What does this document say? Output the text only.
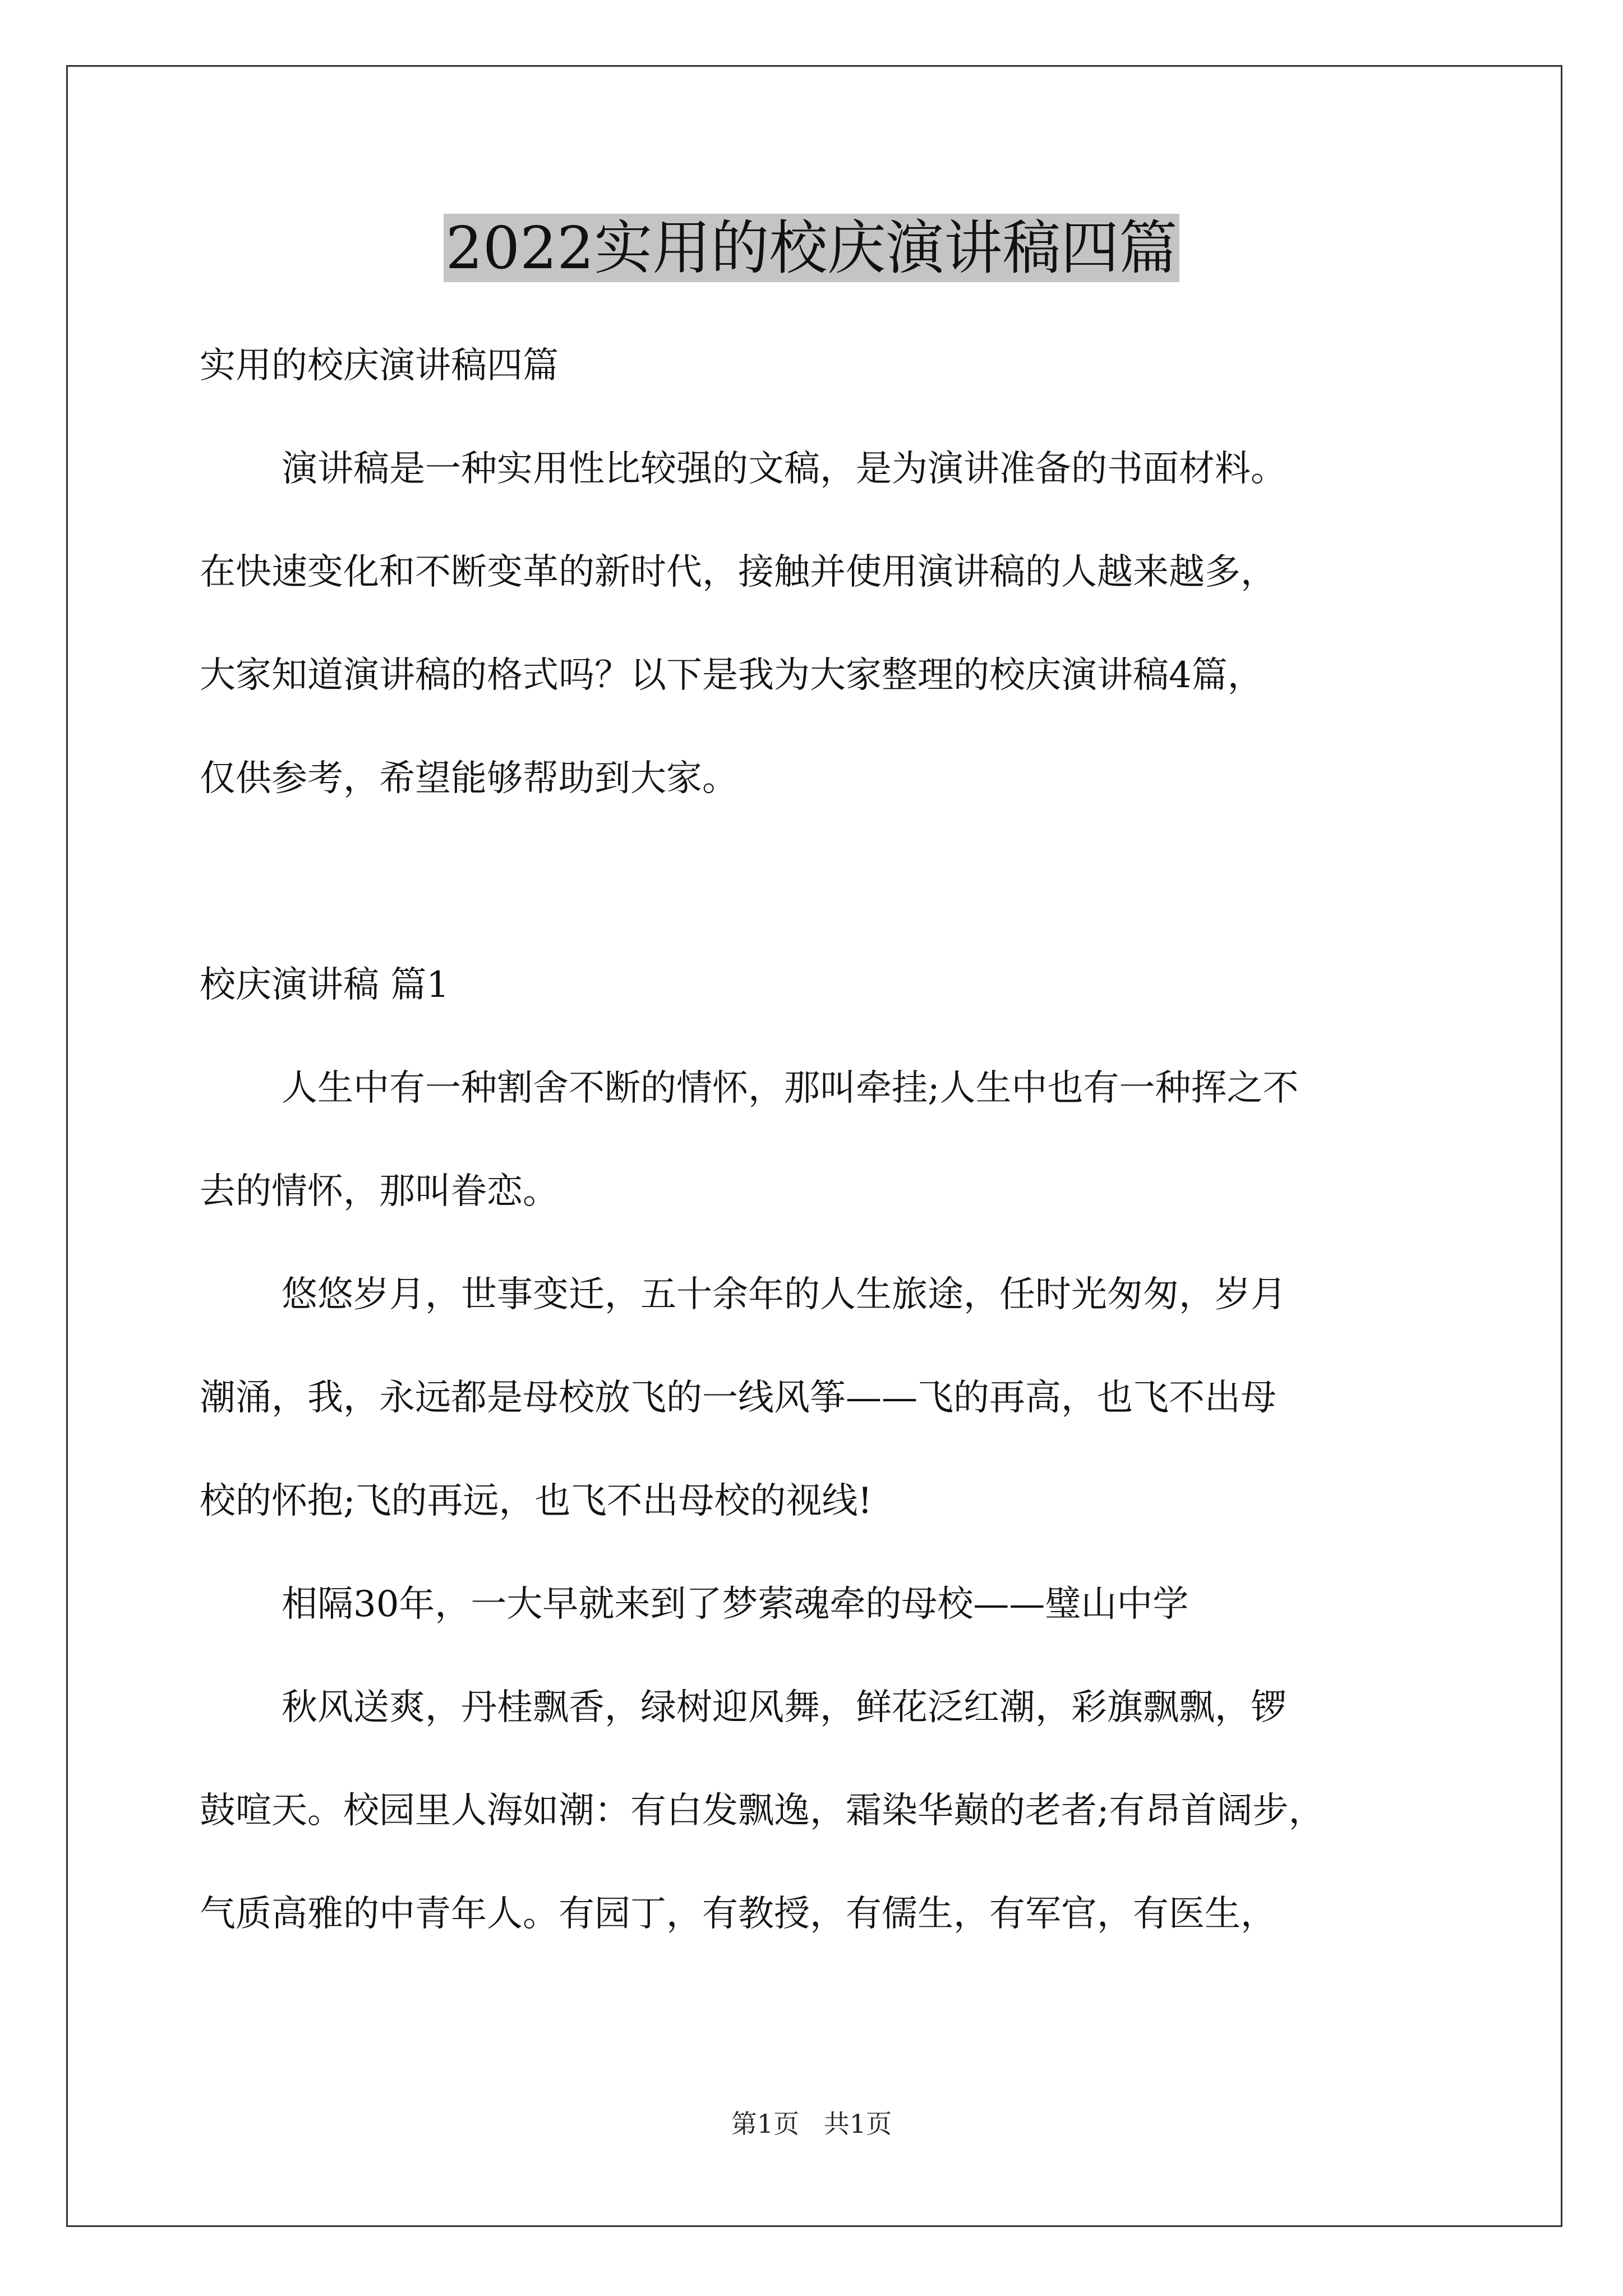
2022实用的校庆演讲稿四篇
实用的校庆演讲稿四篇
演讲稿是一种实用性比较强的文稿，是为演讲准备的书面材料。
在快速变化和不断变革的新时代，接触并使用演讲稿的人越来越多，
大家知道演讲稿的格式吗？以下是我为大家整理的校庆演讲稿4篇，
仅供参考，希望能够帮助到大家。
校庆演讲稿 篇1
人生中有一种割舍不断的情怀，那叫牵挂;人生中也有一种挥之不
去的情怀，那叫眷恋。
悠悠岁月，世事变迁，五十余年的人生旅途，任时光匆匆，岁月
潮涌，我，永远都是母校放飞的一线风筝——飞的再高，也飞不出母
校的怀抱;飞的再远，也飞不出母校的视线!
相隔30年，一大早就来到了梦萦魂牵的母校——璧山中学
秋风送爽，丹桂飘香，绿树迎风舞，鲜花泛红潮，彩旗飘飘，锣
鼓喧天。校园里人海如潮：有白发飘逸，霜染华巅的老者;有昂首阔步，
气质高雅的中青年人。有园丁，有教授，有儒生，有军官，有医生，
第1页   共1页
